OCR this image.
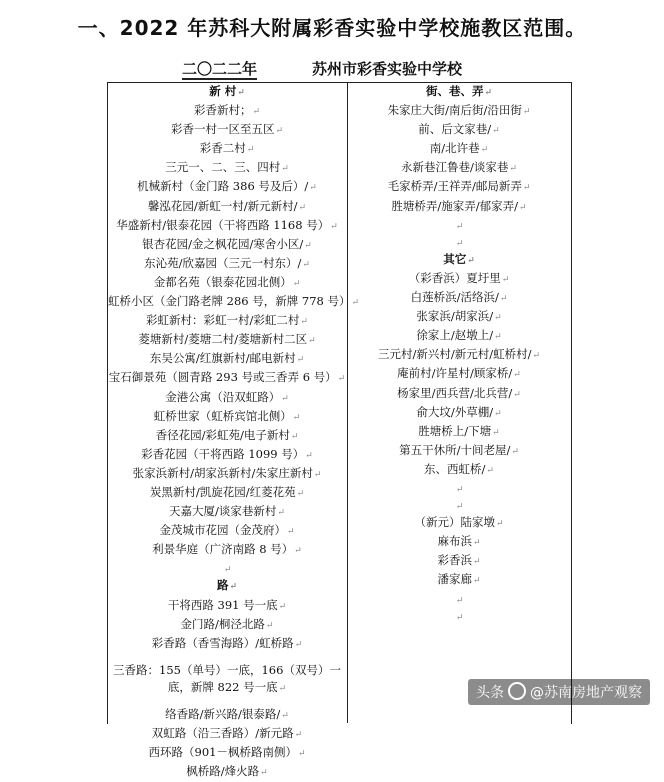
一、2022 年苏科大附属彩香实验中学校施教区范围。
二〇二二年	苏州市彩香实验中学校
新 村↵
彩香新村；↵
彩香一村一区至五区↵
彩香二村↵
三元一、二、三、四村↵
机械新村（金门路 386 号及后）/↵
馨泓花园/新虹一村/新元新村/↵
华盛新村/银泰花园（干将西路 1168 号）↵
银杏花园/金之枫花园/寒舍小区/↵
东沁苑/欣嘉园（三元一村东）/↵
金都名苑（银泰花园北侧）↵
虹桥小区（金门路老牌 286 号，新牌 778 号）↵
彩虹新村：彩虹一村/彩虹二村↵
菱塘新村/菱塘二村/菱塘新村二区↵
东吴公寓/红旗新村/邮电新村↵
宝石御景苑（圆青路 293 号或三香弄 6 号）↵
金港公寓（沿双虹路）↵
虹桥世家（虹桥宾馆北侧）↵
香径花园/彩虹苑/电子新村↵
彩香花园（干将西路 1099 号）↵
张家浜新村/胡家浜新村/朱家庄新村↵
炭黑新村/凯旋花园/红菱花苑↵
天嘉大厦/谈家巷新村↵
金茂城市花园（金茂府）↵
利景华庭（广济南路 8 号）↵
↵
路↵
干将西路 391 号一底↵
金门路/桐泾北路↵
彩香路（香雪海路）/虹桥路↵
三香路：155（单号）一底，166（双号）一底，新牌 822 号一底↵
络香路/新兴路/银泰路/↵
双虹路（沿三香路）/新元路↵
西环路（901－枫桥路南侧）↵
枫桥路/烽火路↵
街、巷、弄↵
朱家庄大街/南后街/沿田街↵
前、后文家巷/↵
南/北许巷↵
永新巷江鲁巷/谈家巷↵
毛家桥弄/王祥弄/邮局新弄↵
胜塘桥弄/施家弄/郁家弄/↵
↵
↵
其它↵
（彩香浜）夏圩里↵
白莲桥浜/活络浜/↵
张家浜/胡家浜/↵
徐家上/赵墩上/↵
三元村/新兴村/新元村/虹桥村/↵
庵前村/许星村/顾家桥/↵
杨家里/西兵营/北兵营/↵
俞大坟/外草棚/↵
胜塘桥上/下塘↵
第五干休所/十间老屋/↵
东、西虹桥/↵
↵
↵
（新元）陆家墩↵
麻布浜↵
彩香浜↵
潘家廊↵
↵
↵
头条 @苏南房地产观察
